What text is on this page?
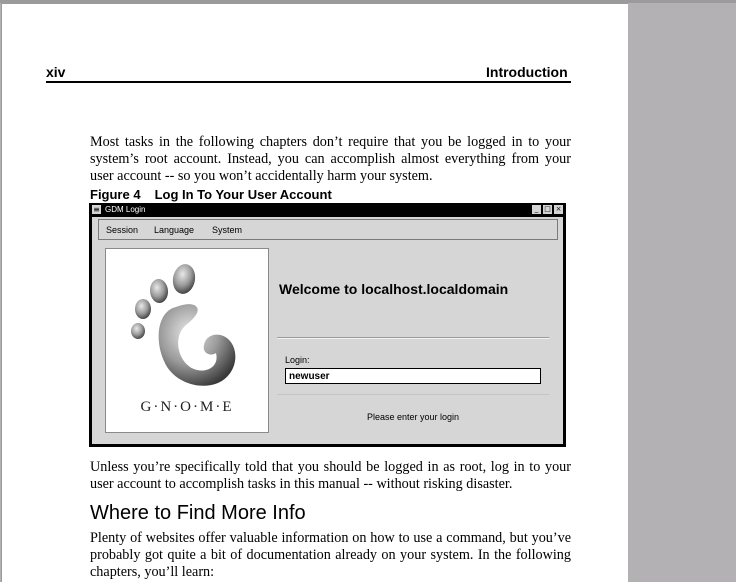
xiv	Introduction

Most tasks in the following chapters don’t require that you be logged in to your system’s root account. Instead, you can accomplish almost everything from your user account -- so you won’t accidentally harm your system.

Figure 4 Log In To Your User Account
≡ GDM Login	_ □ ×
Session Language System
G·N·O·M·E
Welcome to localhost.localdomain
Login:
newuser
Please enter your login

Unless you’re specifically told that you should be logged in as root, log in to your user account to accomplish tasks in this manual -- without risking disaster.

Where to Find More Info

Plenty of websites offer valuable information on how to use a command, but you’ve probably got quite a bit of documentation already on your system. In the following chapters, you’ll learn:
